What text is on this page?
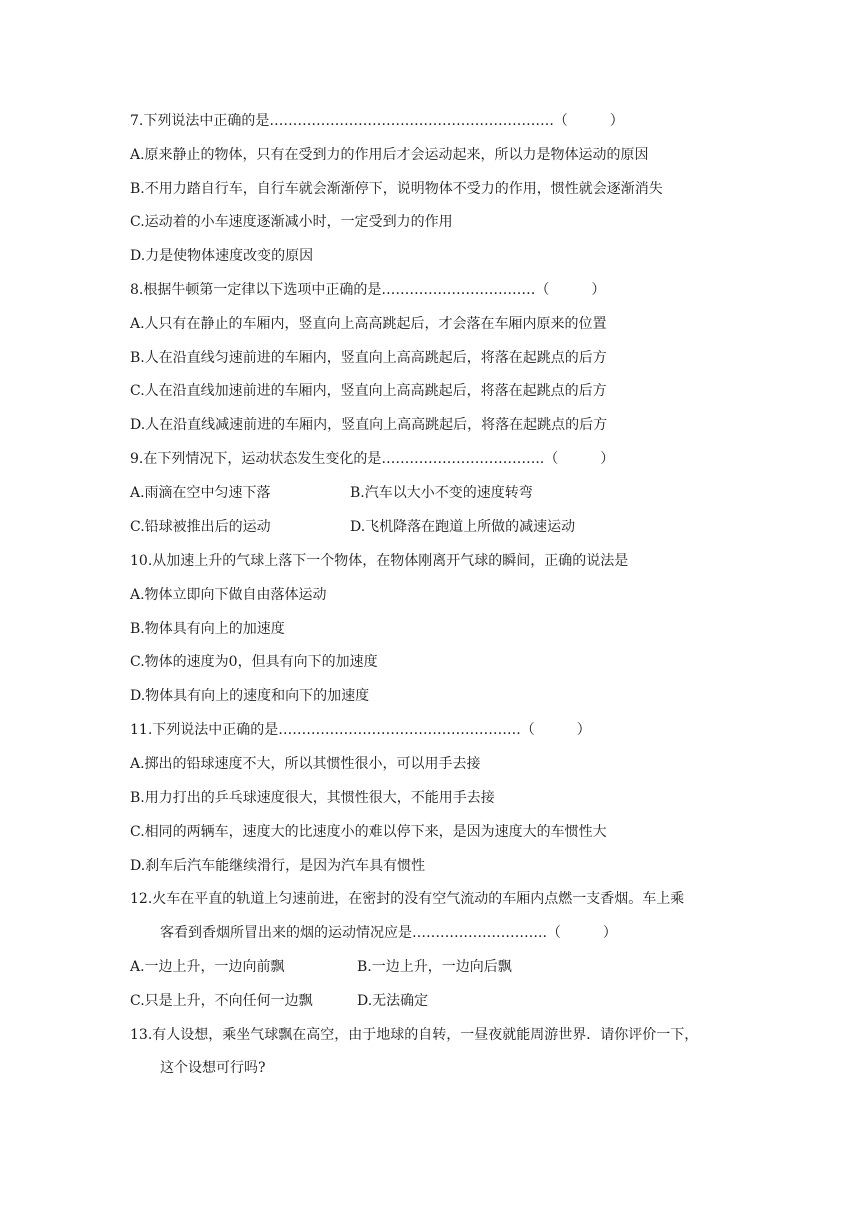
7.下列说法中正确的是…………………………………………………….（　　　）
A.原来静止的物体，只有在受到力的作用后才会运动起来，所以力是物体运动的原因
B.不用力踏自行车，自行车就会渐渐停下，说明物体不受力的作用，惯性就会逐渐消失
C.运动着的小车速度逐渐减小时，一定受到力的作用
D.力是使物体速度改变的原因
8.根据牛顿第一定律以下选项中正确的是……………………………（　　　）
A.人只有在静止的车厢内，竖直向上高高跳起后，才会落在车厢内原来的位置
B.人在沿直线匀速前进的车厢内，竖直向上高高跳起后，将落在起跳点的后方
C.人在沿直线加速前进的车厢内，竖直向上高高跳起后，将落在起跳点的后方
D.人在沿直线减速前进的车厢内，竖直向上高高跳起后，将落在起跳点的后方
9.在下列情况下，运动状态发生变化的是……………………………..（　　　）
A.雨滴在空中匀速下落	B.汽车以大小不变的速度转弯
C.铅球被推出后的运动	D.飞机降落在跑道上所做的减速运动
10.从加速上升的气球上落下一个物体，在物体刚离开气球的瞬间，正确的说法是
A.物体立即向下做自由落体运动
B.物体具有向上的加速度
C.物体的速度为0，但具有向下的加速度
D.物体具有向上的速度和向下的加速度
11.下列说法中正确的是…………………………………………….（　　　）
A.掷出的铅球速度不大，所以其惯性很小，可以用手去接
B.用力打出的乒乓球速度很大，其惯性很大，不能用手去接
C.相同的两辆车，速度大的比速度小的难以停下来，是因为速度大的车惯性大
D.刹车后汽车能继续滑行，是因为汽车具有惯性
12.火车在平直的轨道上匀速前进，在密封的没有空气流动的车厢内点燃一支香烟。车上乘
客看到香烟所冒出来的烟的运动情况应是………………………..（　　　）
A.一边上升，一边向前飘	B.一边上升，一边向后飘
C.只是上升，不向任何一边飘	D.无法确定
13.有人设想，乘坐气球飘在高空，由于地球的自转，一昼夜就能周游世界．请你评价一下，
这个设想可行吗?
